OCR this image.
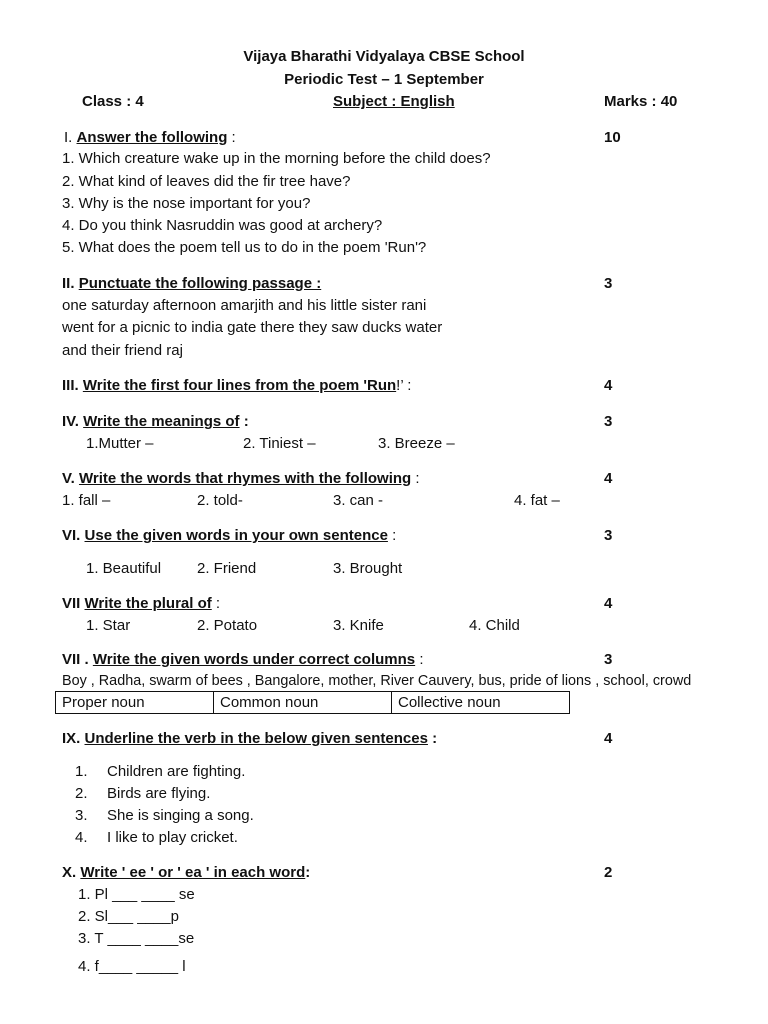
Vijaya Bharathi Vidyalaya CBSE School
Periodic Test – 1 September
Class : 4	Subject : English	Marks : 40
I. Answer the following :	10
1. Which creature wake up in the morning before the child does?
2. What kind of leaves did the fir tree have?
3. Why is the nose important for you?
4. Do you think Nasruddin was good at archery?
5. What does the poem tell us to do in the poem 'Run'?
II. Punctuate the following passage :	3
one saturday afternoon amarjith and his little sister rani
went for a picnic to india gate there they saw ducks water
and their friend raj
III. Write the first four lines from the poem 'Run!’ :	4
IV. Write the meanings of :	3
1.Mutter –	2. Tiniest –	3. Breeze –
V. Write the words that rhymes with the following :	4
1. fall –	2. told-	3. can -	4. fat –
VI. Use the given words in your own sentence :	3
1. Beautiful 2. Friend	3. Brought
VII Write the plural of :	4
1. Star	2. Potato	3. Knife	4. Child
VII . Write the given words under correct columns :	3
Boy , Radha, swarm of bees , Bangalore, mother, River Cauvery, bus, pride of lions , school, crowd
Proper noun	Common noun	Collective noun
IX. Underline the verb in the below given sentences :	4
1. Children are fighting.
2. Birds are flying.
3. She is singing a song.
4. I like to play cricket.
X. Write ' ee ' or ' ea ' in each word:	2
1. Pl ___ ____ se
2. Sl___ ____p
3. T ____ ____se
4. f____ _____ l
